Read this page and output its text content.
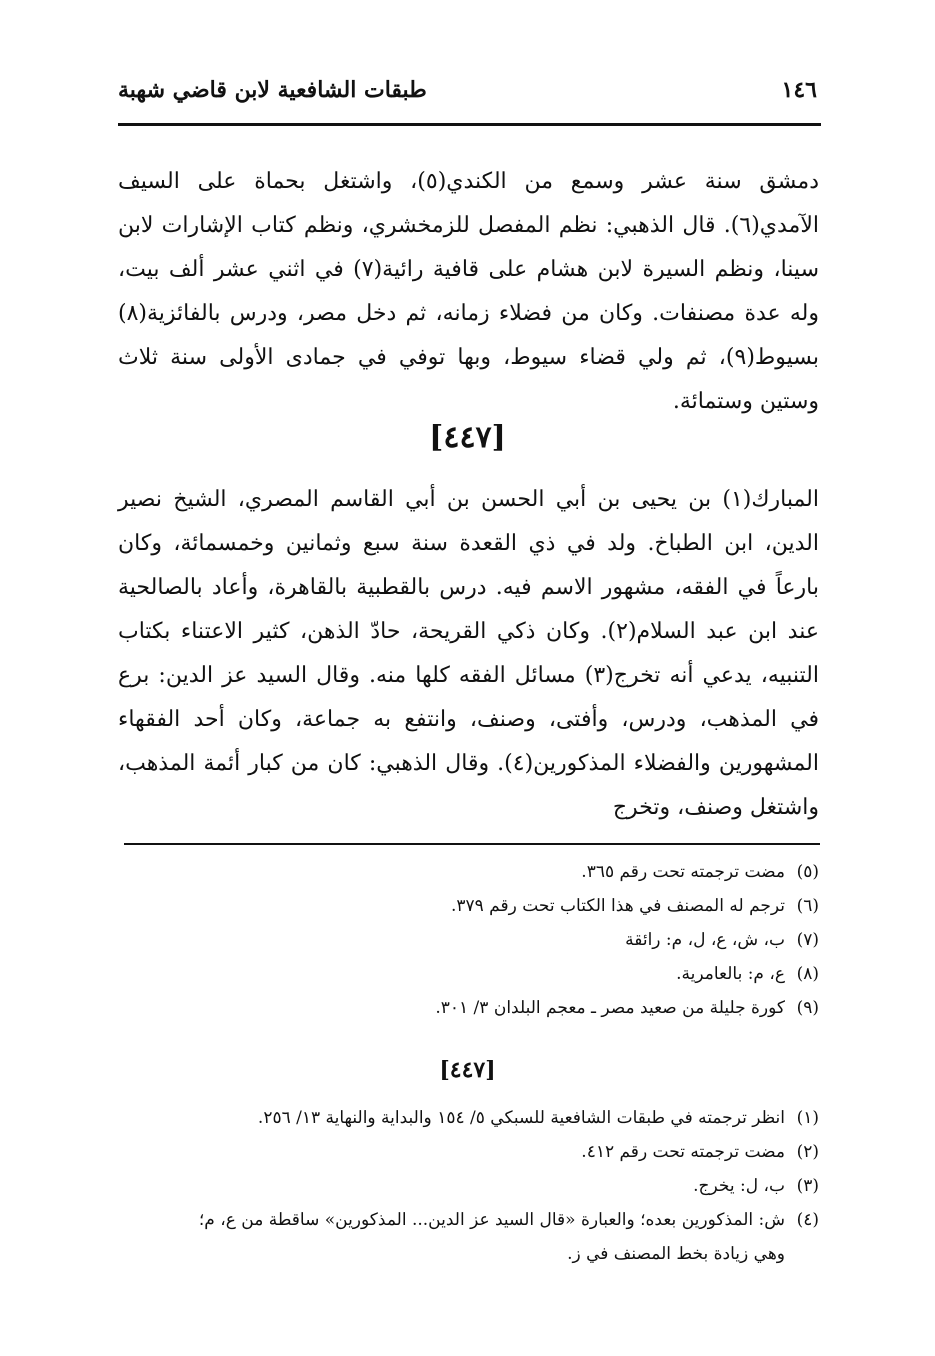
١٤٦
طبقات الشافعية لابن قاضي شهبة
دمشق سنة عشر وسمع من الكندي(٥)، واشتغل بحماة على السيف الآمدي(٦). قال الذهبي: نظم المفصل للزمخشري، ونظم كتاب الإشارات لابن سينا، ونظم السيرة لابن هشام على قافية رائية(٧) في اثني عشر ألف بيت، وله عدة مصنفات. وكان من فضلاء زمانه، ثم دخل مصر، ودرس بالفائزية(٨) بسيوط(٩)، ثم ولي قضاء سيوط، وبها توفي في جمادى الأولى سنة ثلاث وستين وستمائة.
[٤٤٧]
المبارك(١) بن يحيى بن أبي الحسن بن أبي القاسم المصري، الشيخ نصير الدين، ابن الطباخ. ولد في ذي القعدة سنة سبع وثمانين وخمسمائة، وكان بارعاً في الفقه، مشهور الاسم فيه. درس بالقطبية بالقاهرة، وأعاد بالصالحية عند ابن عبد السلام(٢). وكان ذكي القريحة، حادّ الذهن، كثير الاعتناء بكتاب التنبيه، يدعي أنه تخرج(٣) مسائل الفقه كلها منه. وقال السيد عز الدين: برع في المذهب، ودرس، وأفتى، وصنف، وانتفع به جماعة، وكان أحد الفقهاء المشهورين والفضلاء المذكورين(٤). وقال الذهبي: كان من كبار أئمة المذهب، واشتغل وصنف، وتخرج
(٥)
مضت ترجمته تحت رقم ٣٦٥.
(٦)
ترجم له المصنف في هذا الكتاب تحت رقم ٣٧٩.
(٧)
ب، ش، ع، ل، م: رائقة
(٨)
ع، م: بالعامرية.
(٩)
كورة جليلة من صعيد مصر ـ معجم البلدان ٣/ ٣٠١.
[٤٤٧]
(١)
انظر ترجمته في طبقات الشافعية للسبكي ٥/ ١٥٤ والبداية والنهاية ١٣/ ٢٥٦.
(٢)
مضت ترجمته تحت رقم ٤١٢.
(٣)
ب، ل: يخرج.
(٤)
ش: المذكورين بعده؛ والعبارة «قال السيد عز الدين... المذكورين» ساقطة من ع، م؛
وهي زيادة بخط المصنف في ز.
